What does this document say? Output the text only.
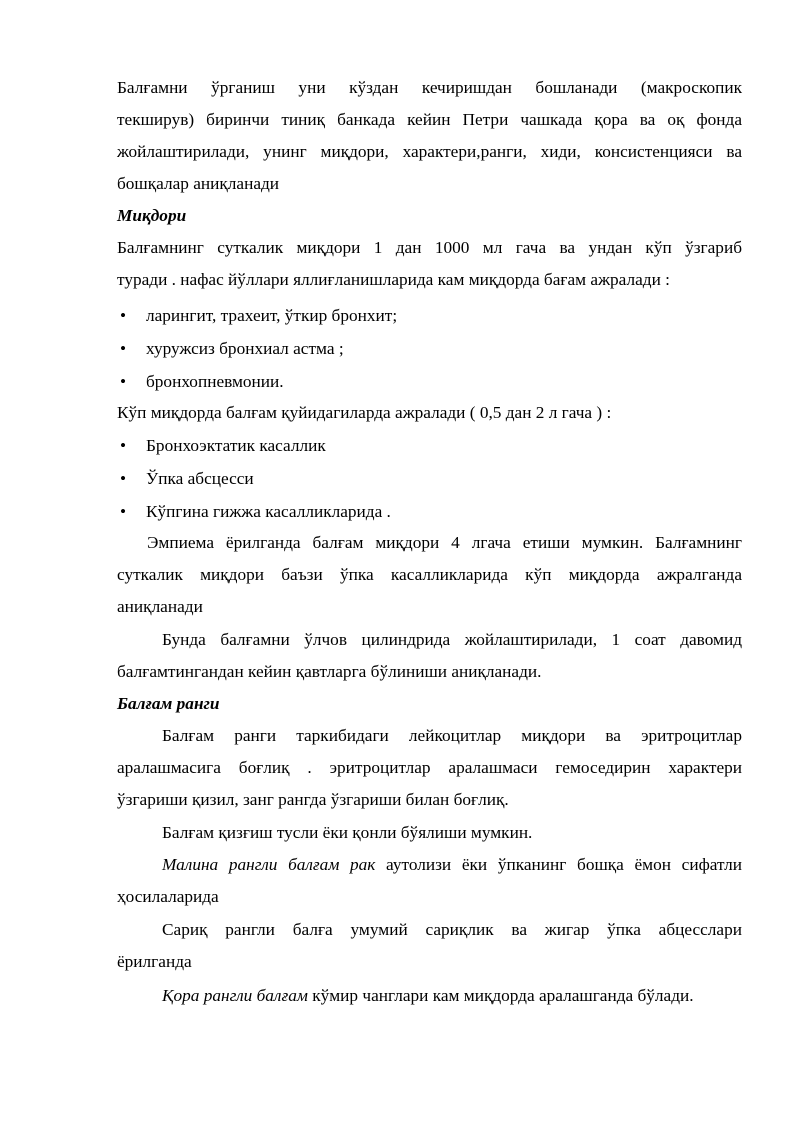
Балғамни ўрганиш уни кўздан кечиришдан бошланади (макроскопик
текширув) биринчи тиниқ банкада кейин Петри чашкада қора ва оқ фонда
жойлаштирилади, унинг миқдори, характери,ранги, хиди, консистенцияси ва
бошқалар аниқланади
Миқдори
Балғамнинг суткалик миқдори 1 дан 1000 мл гача ва ундан кўп ўзгариб
туради . нафас йўллари яллиғланишларида кам миқдорда бағам ажралади :
• ларингит, трахеит, ўткир бронхит;
• хуружсиз бронхиал астма ;
• бронхопневмонии.
Кўп миқдорда балғам қуйидагиларда ажралади ( 0,5 дан 2 л гача ) :
• Бронхоэктатик касаллик
• Ўпка абсцесси
• Кўпгина гижжа касалликларида .
Эмпиема ёрилганда балғам миқдори 4 лгача етиши мумкин. Балғамнинг
суткалик миқдори баъзи ўпка касалликларида кўп миқдорда ажралганда
аниқланади
Бунда балғамни ўлчов цилиндрида жойлаштирилади, 1 соат давомид
балғамтингандан кейин қавтларга бўлиниши аниқланади.
Балғам ранги
Балғам ранги таркибидаги лейкоцитлар миқдори ва эритроцитлар
аралашмасига боғлиқ . эритроцитлар аралашмаси гемоседирин характери
ўзгариши қизил, занг рангда ўзгариши билан боғлиқ.
Балғам қизғиш тусли ёки қонли бўялиши мумкин.
Малина рангли балғам рак аутолизи ёки ўпканинг бошқа ёмон сифатли
ҳосилаларида
Сариқ рангли балға умумий сариқлик ва жигар ўпка абцесслари
ёрилганда
Қора рангли балғам кўмир чанглари кам миқдорда аралашганда бўлади.
